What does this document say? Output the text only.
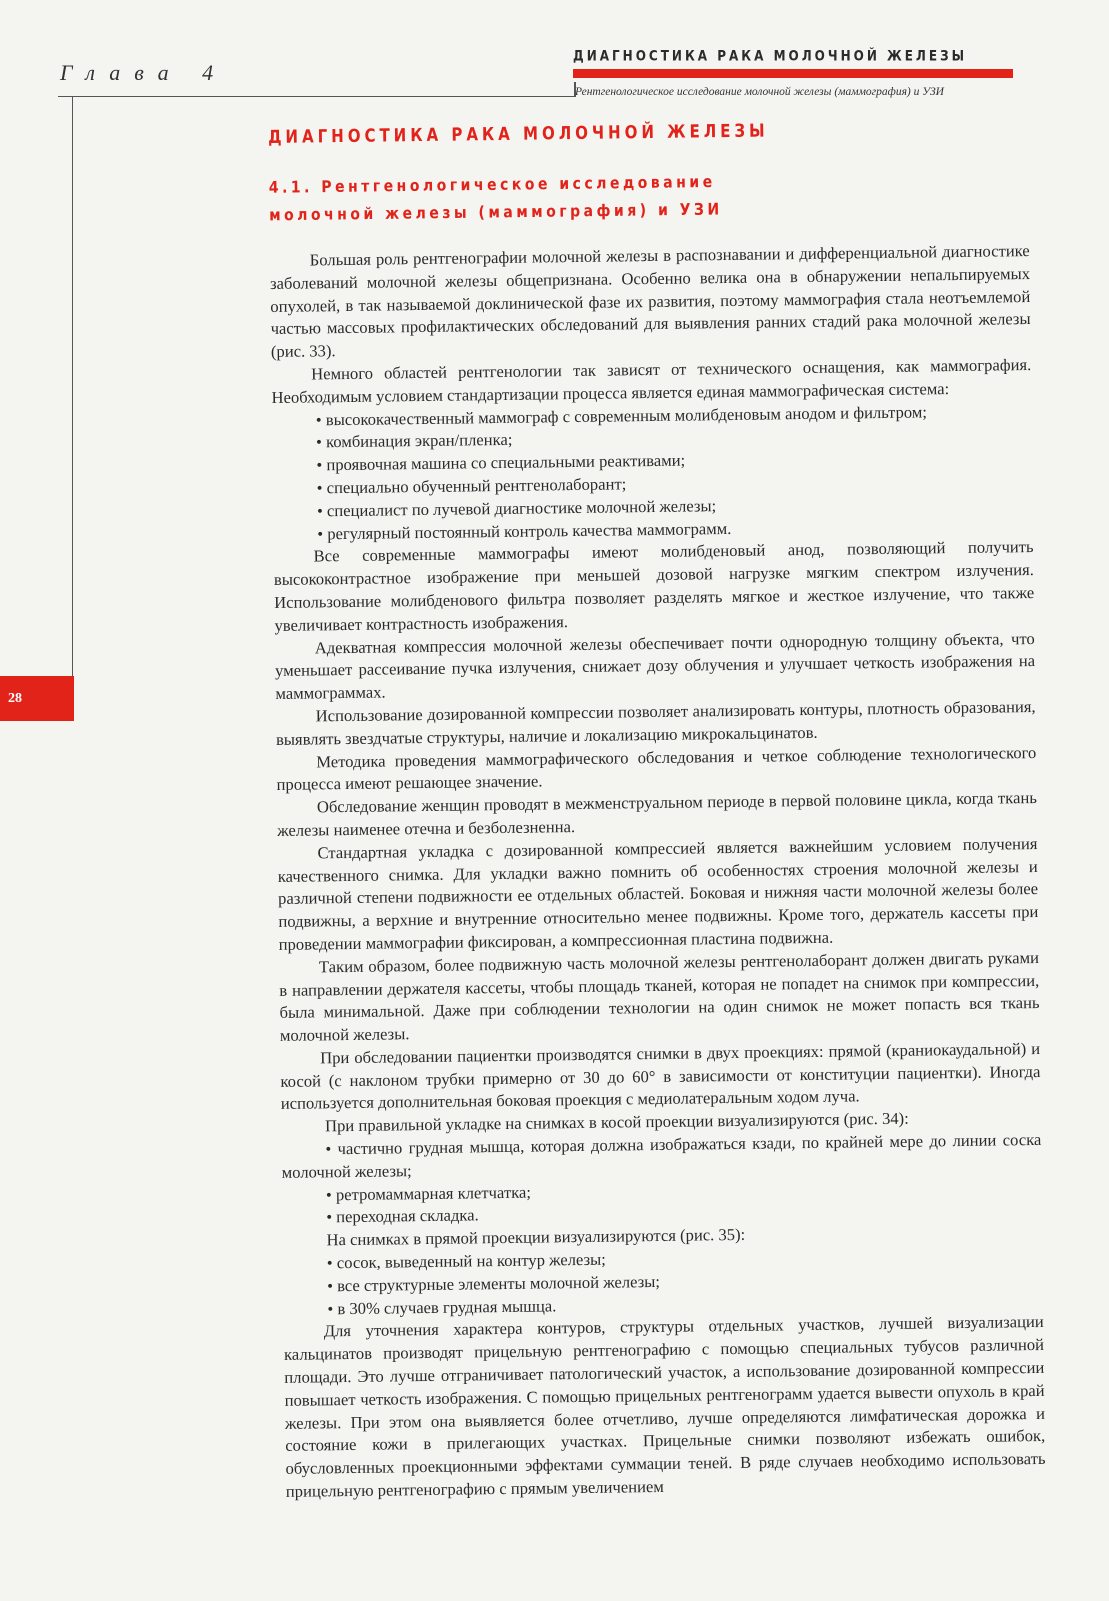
Глава 4
ДИАГНОСТИКА РАКА МОЛОЧНОЙ ЖЕЛЕЗЫ
Рентгенологическое исследование молочной железы (маммография) и УЗИ
28
ДИАГНОСТИКА РАКА МОЛОЧНОЙ ЖЕЛЕЗЫ
4.1. Рентгенологическое исследование молочной железы (маммография) и УЗИ

Большая роль рентгенографии молочной железы в распознавании и дифференциальной диагностике заболеваний молочной железы общепризнана. Особенно велика она в обнаружении непальпируемых опухолей, в так называемой доклинической фазе их развития, поэтому маммография стала неотъемлемой частью массовых профилактических обследований для выявления ранних стадий рака молочной железы (рис. 33).

Немного областей рентгенологии так зависят от технического оснащения, как маммография. Необходимым условием стандартизации процесса является единая маммографическая система:

• высококачественный маммограф с современным молибденовым анодом и фильтром;

• комбинация экран/пленка;

• проявочная машина со специальными реактивами;

• специально обученный рентгенолаборант;

• специалист по лучевой диагностике молочной железы;

• регулярный постоянный контроль качества маммограмм.

Все современные маммографы имеют молибденовый анод, позволяющий получить высококонтрастное изображение при меньшей дозовой нагрузке мягким спектром излучения. Использование молибденового фильтра позволяет разделять мягкое и жесткое излучение, что также увеличивает контрастность изображения.

Адекватная компрессия молочной железы обеспечивает почти однородную толщину объекта, что уменьшает рассеивание пучка излучения, снижает дозу облучения и улучшает четкость изображения на маммограммах.

Использование дозированной компрессии позволяет анализировать контуры, плотность образования, выявлять звездчатые структуры, наличие и локализацию микрокальцинатов.

Методика проведения маммографического обследования и четкое соблюдение технологического процесса имеют решающее значение.

Обследование женщин проводят в межменструальном периоде в первой половине цикла, когда ткань железы наименее отечна и безболезненна.

Стандартная укладка с дозированной компрессией является важнейшим условием получения качественного снимка. Для укладки важно помнить об особенностях строения молочной железы и различной степени подвижности ее отдельных областей. Боковая и нижняя части молочной железы более подвижны, а верхние и внутренние относительно менее подвижны. Кроме того, держатель кассеты при проведении маммографии фиксирован, а компрессионная пластина подвижна.

Таким образом, более подвижную часть молочной железы рентгенолаборант должен двигать руками в направлении держателя кассеты, чтобы площадь тканей, которая не попадет на снимок при компрессии, была минимальной. Даже при соблюдении технологии на один снимок не может попасть вся ткань молочной железы.

При обследовании пациентки производятся снимки в двух проекциях: прямой (краниокаудальной) и косой (с наклоном трубки примерно от 30 до 60° в зависимости от конституции пациентки). Иногда используется дополнительная боковая проекция с медиолатеральным ходом луча.

При правильной укладке на снимках в косой проекции визуализируются (рис. 34):

• частично грудная мышца, которая должна изображаться кзади, по крайней мере до линии соска молочной железы;

• ретромаммарная клетчатка;

• переходная складка.

На снимках в прямой проекции визуализируются (рис. 35):

• сосок, выведенный на контур железы;

• все структурные элементы молочной железы;

• в 30% случаев грудная мышца.

Для уточнения характера контуров, структуры отдельных участков, лучшей визуализации кальцинатов производят прицельную рентгенографию с помощью специальных тубусов различной площади. Это лучше отграничивает патологический участок, а использование дозированной компрессии повышает четкость изображения. С помощью прицельных рентгенограмм удается вывести опухоль в край железы. При этом она выявляется более отчетливо, лучше определяются лимфатическая дорожка и состояние кожи в прилегающих участках. Прицельные снимки позволяют избежать ошибок, обусловленных проекционными эффектами суммации теней. В ряде случаев необходимо использовать прицельную рентгенографию с прямым увеличением
